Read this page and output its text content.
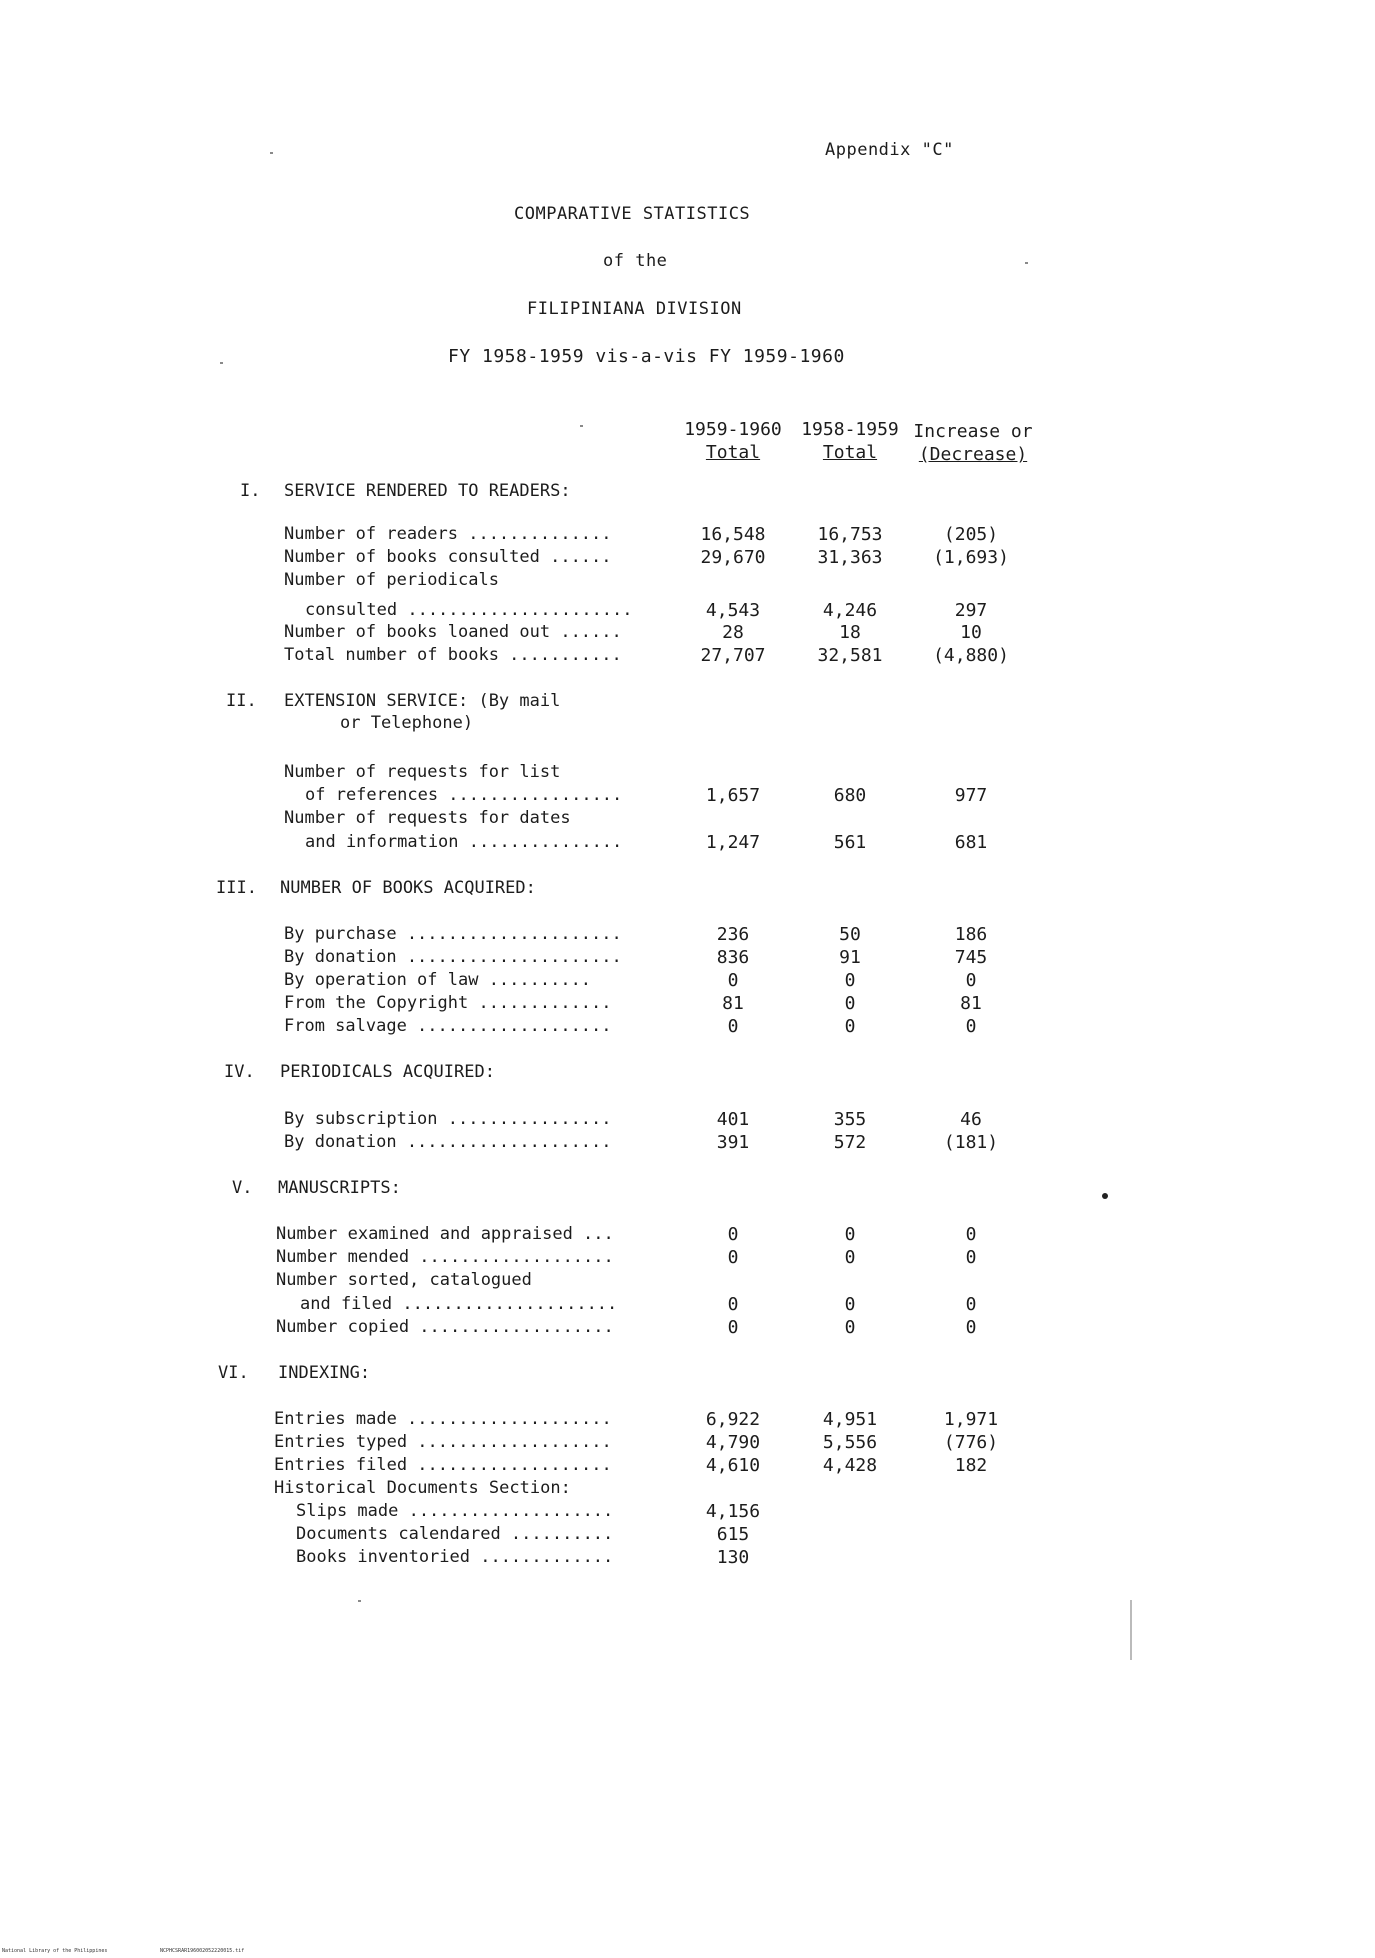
Appendix "C"
COMPARATIVE STATISTICS
of the
FILIPINIANA DIVISION
FY 1958-1959 vis-a-vis FY 1959-1960
1959-1960
Total
1958-1959
Total
Increase or
(Decrease)
I. SERVICE RENDERED TO READERS:
Number of readers ..............	16,548	16,753	(205)
Number of books consulted ......	29,670	31,363	(1,693)
Number of periodicals
consulted ......................	4,543	4,246	297
Number of books loaned out ......	28	18	10
Total number of books ...........	27,707	32,581	(4,880)
II. EXTENSION SERVICE: (By mail
or Telephone)
Number of requests for list
of references .................	1,657	680	977
Number of requests for dates
and information ...............	1,247	561	681
III. NUMBER OF BOOKS ACQUIRED:
By purchase .....................	236	50	186
By donation .....................	836	91	745
By operation of law ..........	0	0	0
From the Copyright .............	81	0	81
From salvage ...................	0	0	0
IV. PERIODICALS ACQUIRED:
By subscription ................	401	355	46
By donation ....................	391	572	(181)
V. MANUSCRIPTS:
Number examined and appraised ...	0	0	0
Number mended ...................	0	0	0
Number sorted, catalogued
and filed .....................	0	0	0
Number copied ...................	0	0	0
VI. INDEXING:
Entries made ....................	6,922	4,951	1,971
Entries typed ...................	4,790	5,556	(776)
Entries filed ...................	4,610	4,428	182
Historical Documents Section:
Slips made ....................	4,156
Documents calendared ..........	615
Books inventoried .............	130
National Library of the Philippines	NCPHCSRAR196002052220015.tif
